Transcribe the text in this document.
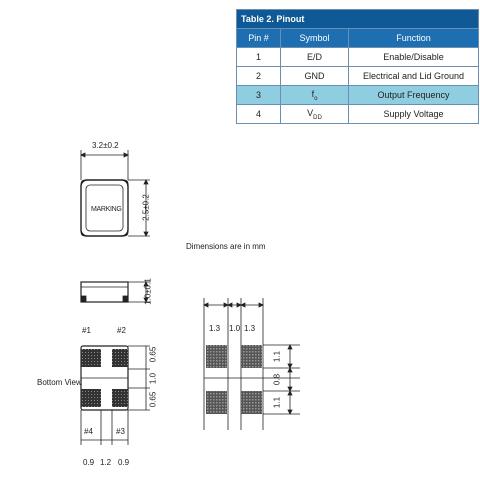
Table 2. Pinout		
Pin #	Symbol	Function
1	E/D	Enable/Disable
2	GND	Electrical and Lid Ground
3	$f_o$	Output Frequency
4	$V_{DD}$	Supply Voltage
3.2±0.2
2.5±0.2
MARKING
Dimensions are in mm
1.0±0.1
#1	#2
Bottom View
0.65
1.0
0.65
#4	#3
0.9 1.2 0.9
1.3 1.0 1.3
1.1
0.8
1.1
